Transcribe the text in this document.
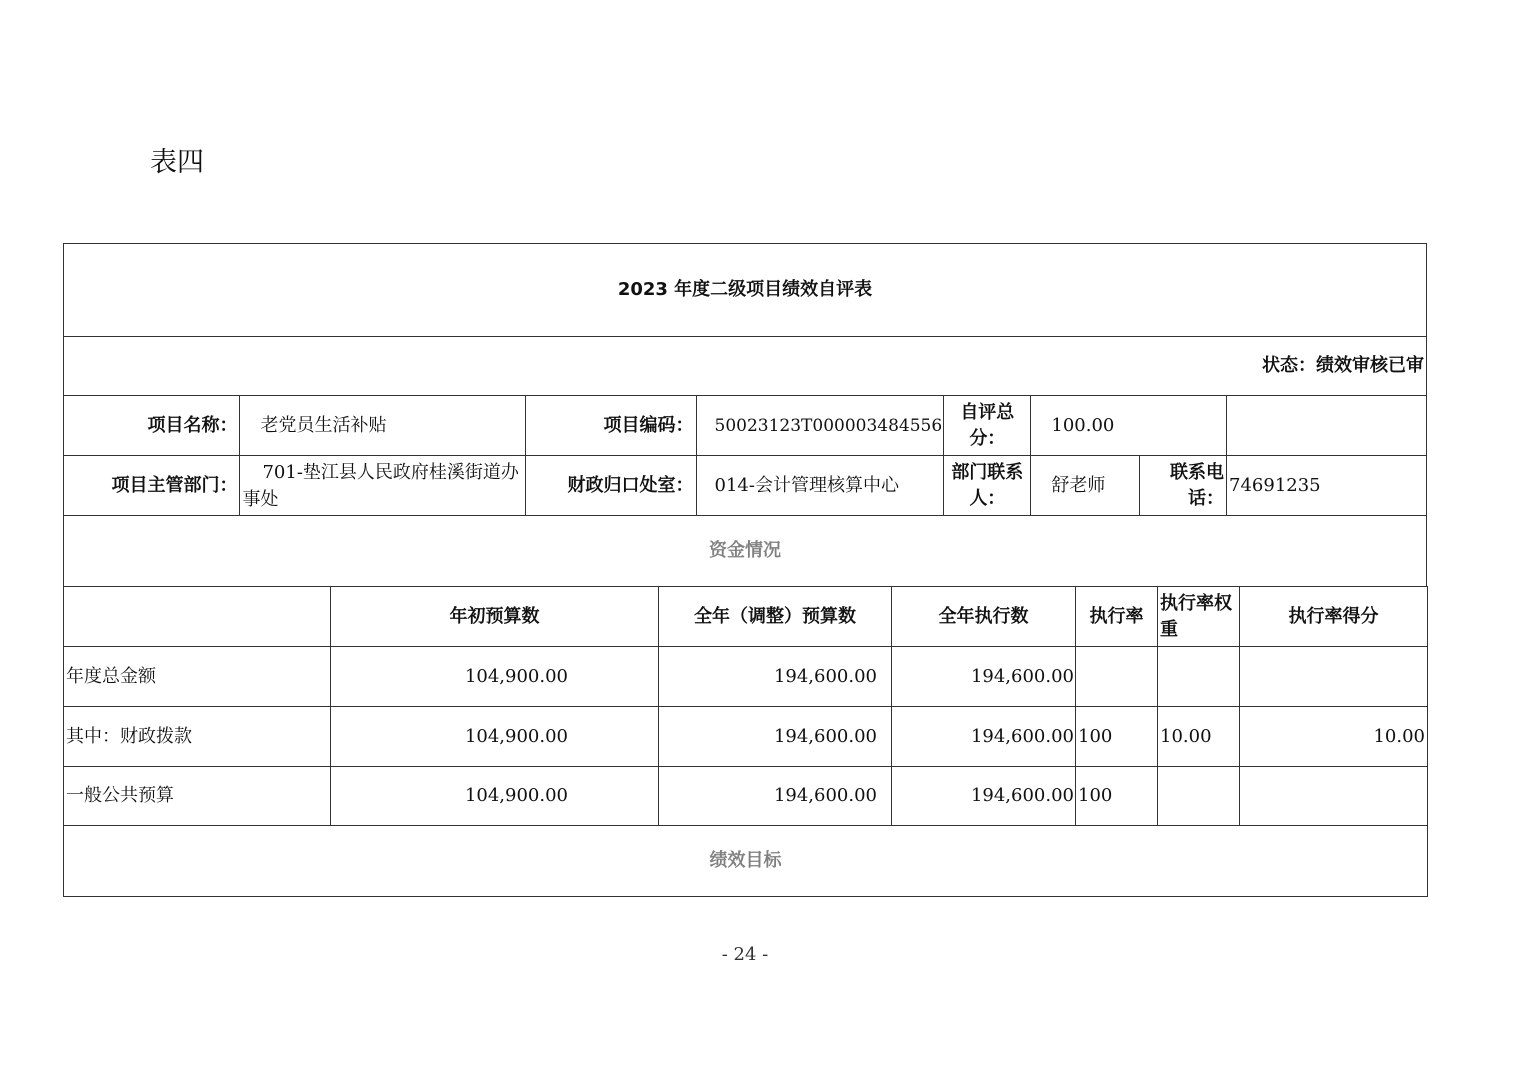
表四
2023 年度二级项目绩效自评表							
状态：绩效审核已审							
项目名称：	老党员生活补贴	项目编码：	50023123T000003484556	自评总分：	100.00		
项目主管部门：	701-垫江县人民政府桂溪街道办事处	财政归口处室：	014-会计管理核算中心	部门联系人：	舒老师	联系电话：	74691235
资金情况							
	年初预算数	全年（调整）预算数	全年执行数	执行率	执行率权重	执行率得分
年度总金额	104,900.00	194,600.00	194,600.00			
其中：财政拨款	104,900.00	194,600.00	194,600.00	100	10.00	10.00
一般公共预算	104,900.00	194,600.00	194,600.00	100		
绩效目标						
- 24 -
